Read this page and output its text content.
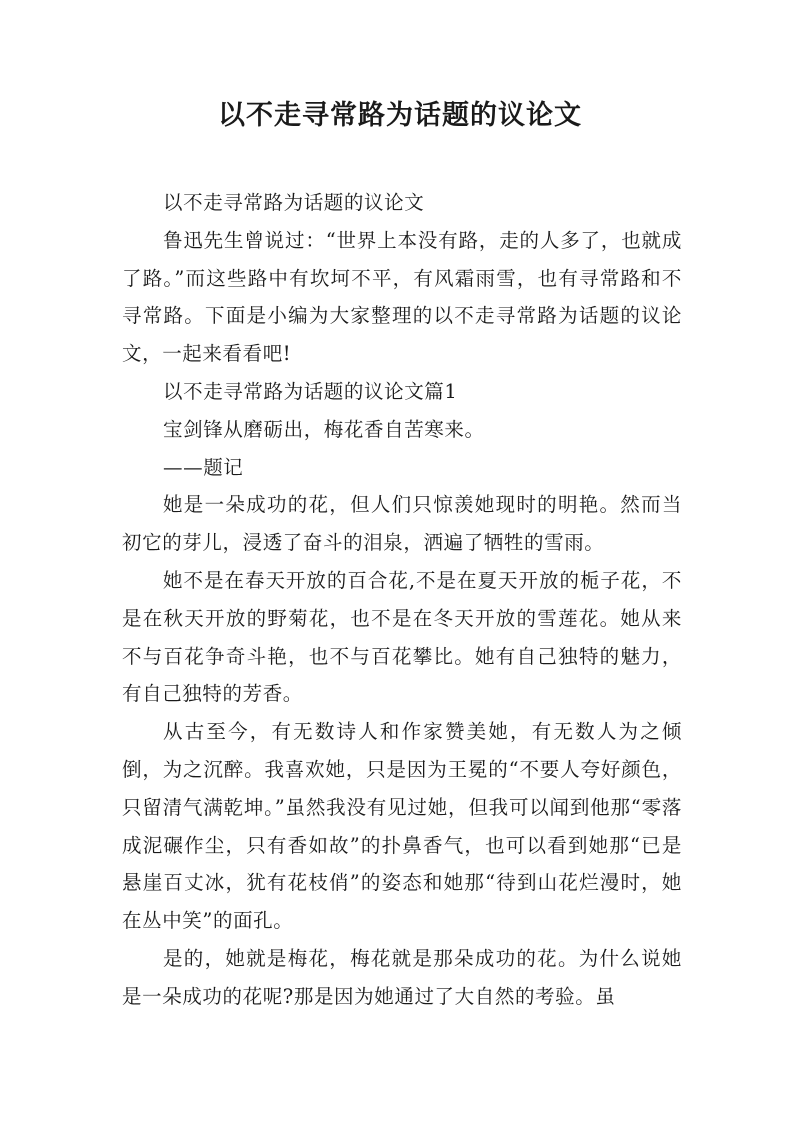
以不走寻常路为话题的议论文

以不走寻常路为话题的议论文

鲁迅先生曾说过：“世界上本没有路，走的人多了，也就成了路。”而这些路中有坎坷不平，有风霜雨雪，也有寻常路和不寻常路。下面是小编为大家整理的以不走寻常路为话题的议论文，一起来看看吧!

以不走寻常路为话题的议论文篇1

宝剑锋从磨砺出，梅花香自苦寒来。

——题记

她是一朵成功的花，但人们只惊羡她现时的明艳。然而当初它的芽儿，浸透了奋斗的泪泉，洒遍了牺牲的雪雨。

她不是在春天开放的百合花,不是在夏天开放的栀子花，不是在秋天开放的野菊花，也不是在冬天开放的雪莲花。她从来不与百花争奇斗艳，也不与百花攀比。她有自己独特的魅力，有自己独特的芳香。

从古至今，有无数诗人和作家赞美她，有无数人为之倾倒，为之沉醉。我喜欢她，只是因为王冕的“不要人夸好颜色，只留清气满乾坤。”虽然我没有见过她，但我可以闻到他那“零落成泥碾作尘，只有香如故”的扑鼻香气，也可以看到她那“已是悬崖百丈冰，犹有花枝俏”的姿态和她那“待到山花烂漫时，她在丛中笑”的面孔。

是的，她就是梅花，梅花就是那朵成功的花。为什么说她是一朵成功的花呢?那是因为她通过了大自然的考验。虽
